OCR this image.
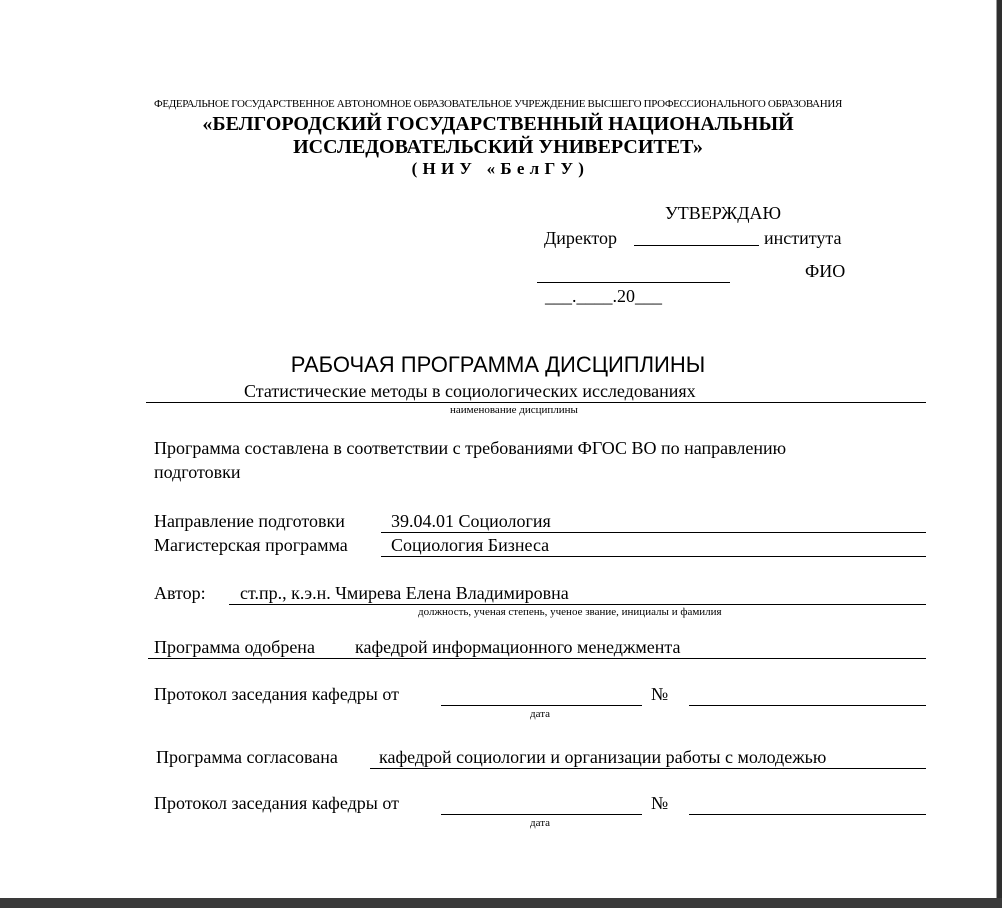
ФЕДЕРАЛЬНОЕ ГОСУДАРСТВЕННОЕ АВТОНОМНОЕ ОБРАЗОВАТЕЛЬНОЕ УЧРЕЖДЕНИЕ ВЫСШЕГО ПРОФЕССИОНАЛЬНОГО ОБРАЗОВАНИЯ
«БЕЛГОРОДСКИЙ ГОСУДАРСТВЕННЫЙ НАЦИОНАЛЬНЫЙ
ИССЛЕДОВАТЕЛЬСКИЙ УНИВЕРСИТЕТ»
( Н И У   « Б е л Г У )
УТВЕРЖДАЮ
Директор	института
ФИО
___.____.20___
РАБОЧАЯ ПРОГРАММА ДИСЦИПЛИНЫ
Статистические методы в социологических исследованиях
наименование дисциплины
Программа составлена в соответствии с требованиями ФГОС ВО по направлению
подготовки
Направление подготовки	39.04.01 Социология
Магистерская программа Социология Бизнеса
Автор: ст.пр., к.э.н. Чмирева Елена Владимировна
должность, ученая степень, ученое звание, инициалы и фамилия
Программа одобрена кафедрой информационного менеджмента
Протокол заседания кафедры от	№
дата
Программа согласована кафедрой социологии и организации работы с молодежью
Протокол заседания кафедры от	№
дата
